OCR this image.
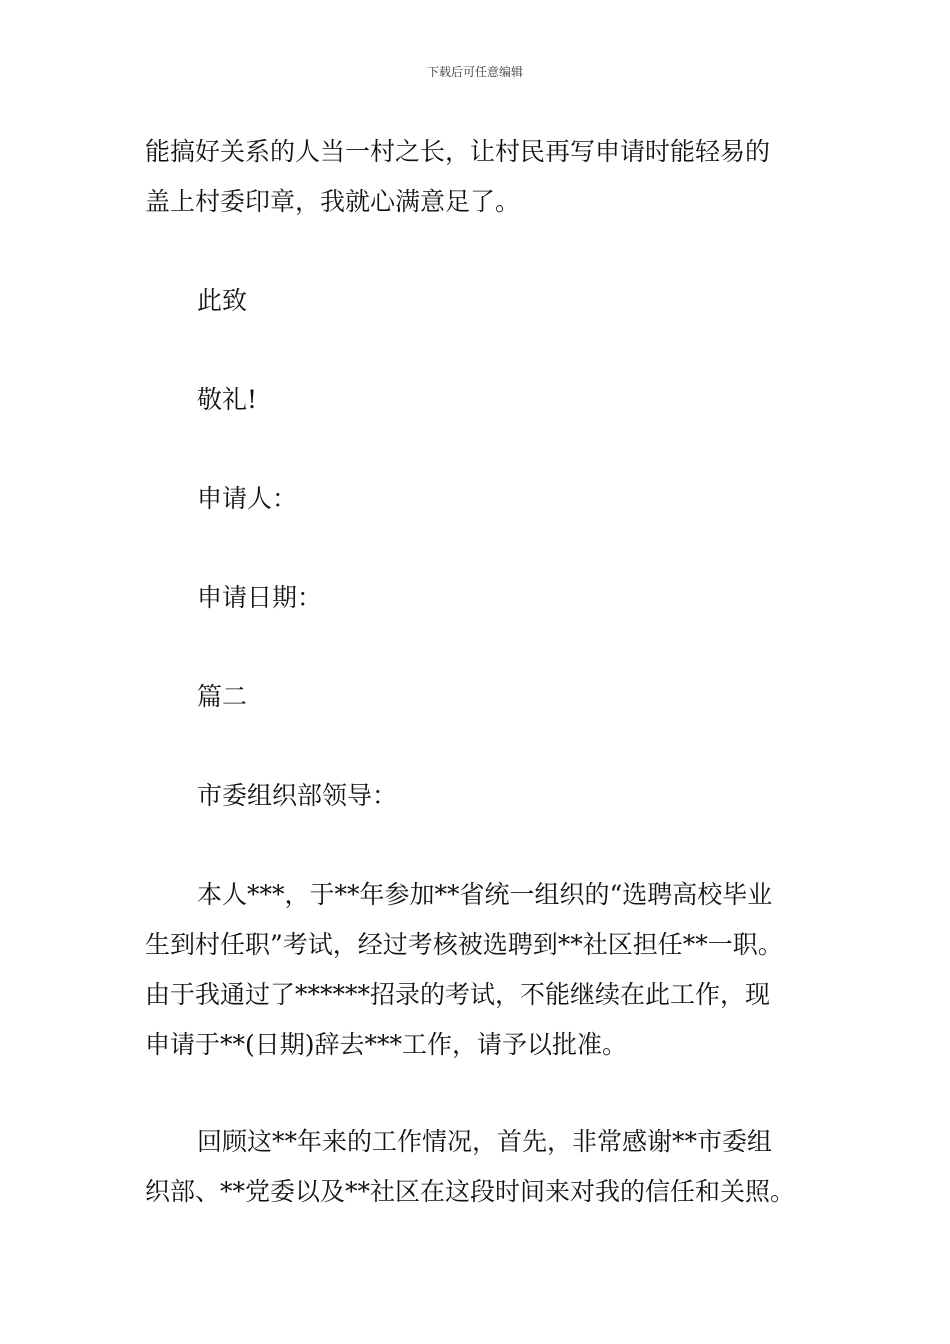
下载后可任意编辑

能搞好关系的人当一村之长，让村民再写申请时能轻易的

盖上村委印章，我就心满意足了。

此致

敬礼!

申请人：

申请日期：

篇二

市委组织部领导：

本人***，于**年参加**省统一组织的“选聘高校毕业

生到村任职”考试，经过考核被选聘到**社区担任**一职。

由于我通过了******招录的考试，不能继续在此工作，现

申请于**(日期)辞去***工作，请予以批准。

回顾这**年来的工作情况，首先，非常感谢**市委组

织部、**党委以及**社区在这段时间来对我的信任和关照。
